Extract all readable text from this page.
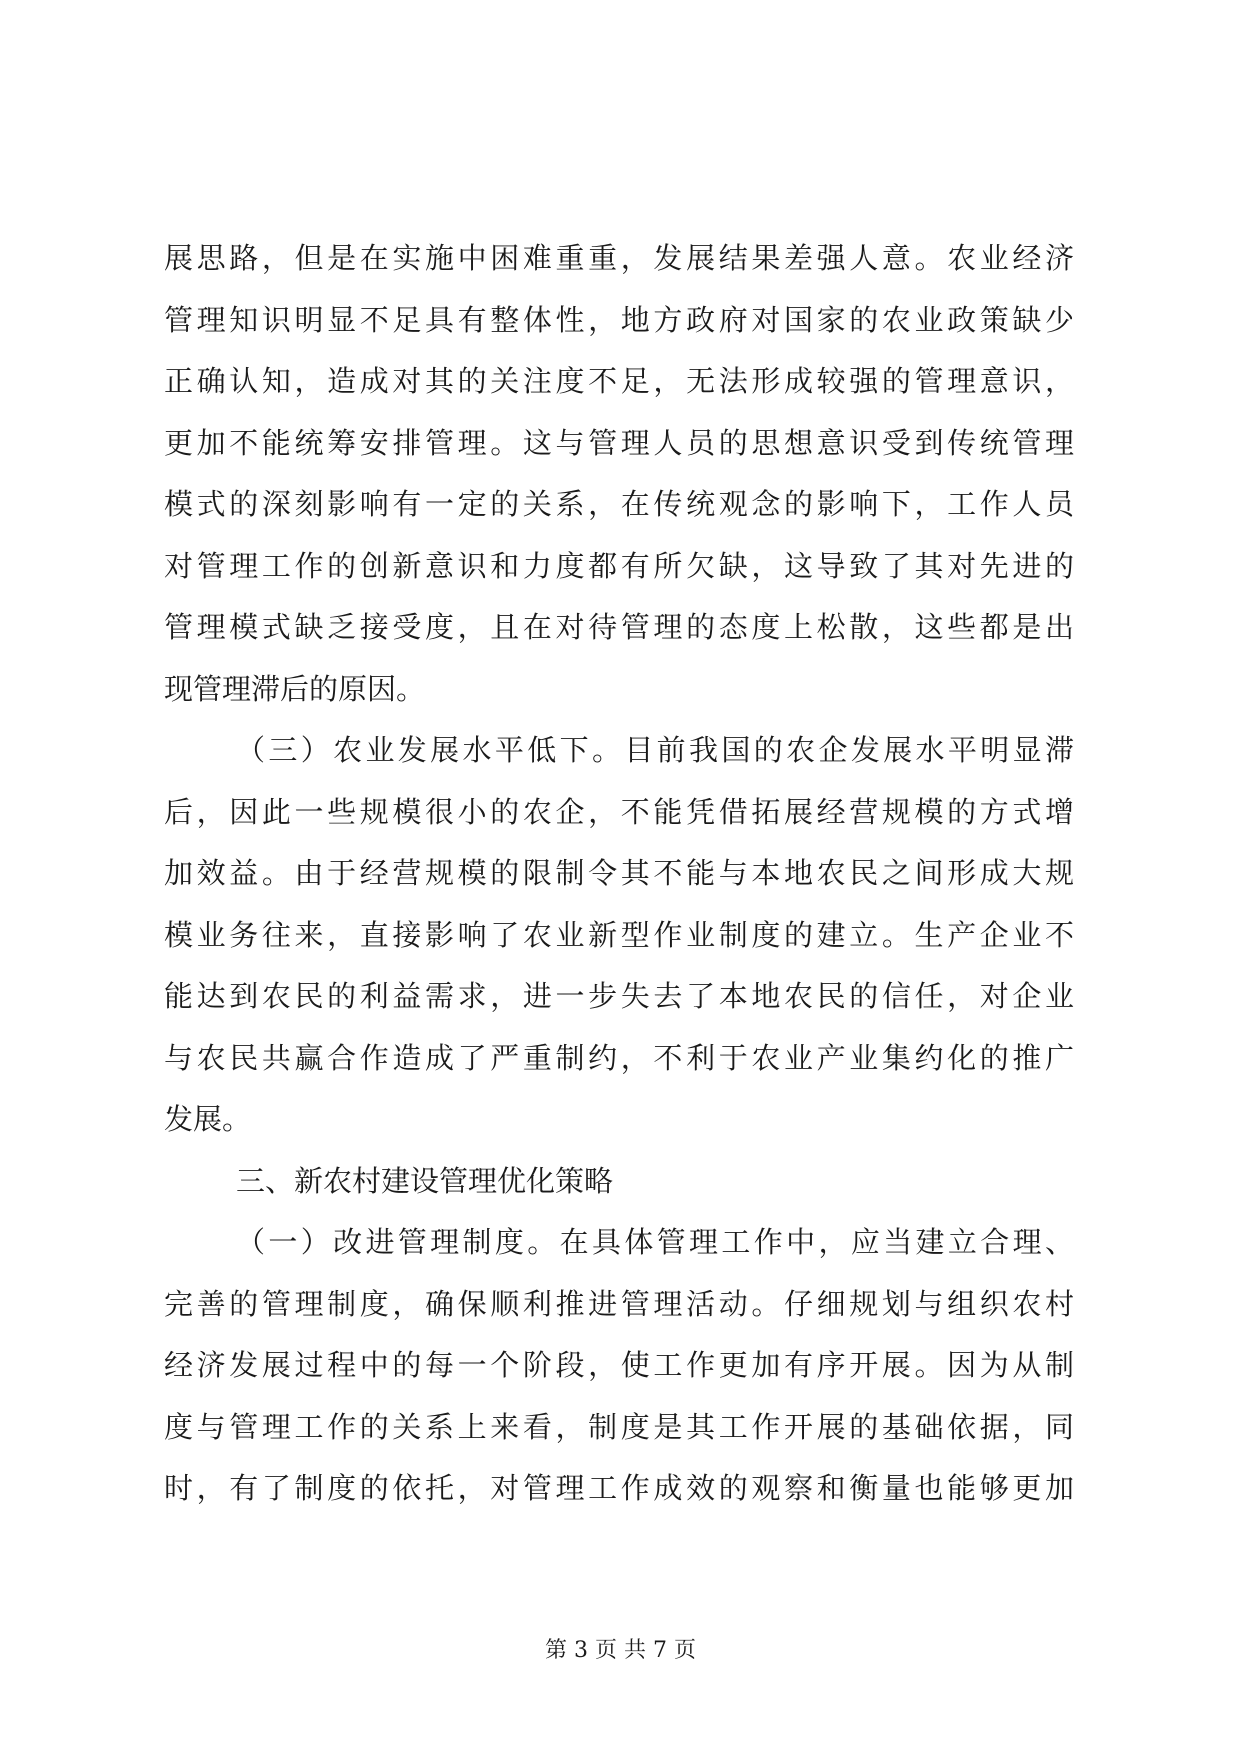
展思路，但是在实施中困难重重，发展结果差强人意。农业经济
管理知识明显不足具有整体性，地方政府对国家的农业政策缺少
正确认知，造成对其的关注度不足，无法形成较强的管理意识，
更加不能统筹安排管理。这与管理人员的思想意识受到传统管理
模式的深刻影响有一定的关系，在传统观念的影响下，工作人员
对管理工作的创新意识和力度都有所欠缺，这导致了其对先进的
管理模式缺乏接受度，且在对待管理的态度上松散，这些都是出
现管理滞后的原因。
（三）农业发展水平低下。目前我国的农企发展水平明显滞
后，因此一些规模很小的农企，不能凭借拓展经营规模的方式增
加效益。由于经营规模的限制令其不能与本地农民之间形成大规
模业务往来，直接影响了农业新型作业制度的建立。生产企业不
能达到农民的利益需求，进一步失去了本地农民的信任，对企业
与农民共赢合作造成了严重制约，不利于农业产业集约化的推广
发展。
三、新农村建设管理优化策略
（一）改进管理制度。在具体管理工作中，应当建立合理、
完善的管理制度，确保顺利推进管理活动。仔细规划与组织农村
经济发展过程中的每一个阶段，使工作更加有序开展。因为从制
度与管理工作的关系上来看，制度是其工作开展的基础依据，同
时，有了制度的依托，对管理工作成效的观察和衡量也能够更加
第 3 页 共 7 页
